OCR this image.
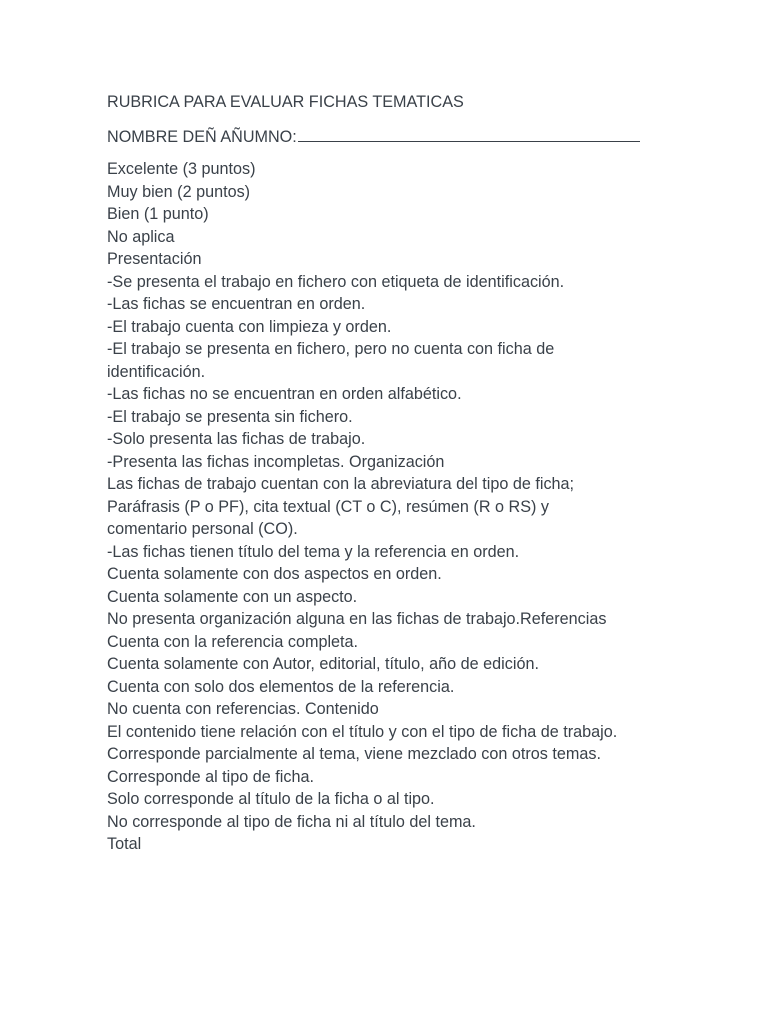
RUBRICA PARA EVALUAR FICHAS TEMATICAS
NOMBRE DEÑ AÑUMNO:
Excelente (3 puntos)
Muy bien (2 puntos)
Bien (1 punto)
No aplica
Presentación
-Se presenta el trabajo en fichero con etiqueta de identificación.
-Las fichas se encuentran en orden.
-El trabajo cuenta con limpieza y orden.
-El trabajo se presenta en fichero, pero no cuenta con ficha de
identificación.
-Las fichas no se encuentran en orden alfabético.
-El trabajo se presenta sin fichero.
-Solo presenta las fichas de trabajo.
-Presenta las fichas incompletas. Organización
Las fichas de trabajo cuentan con la abreviatura del tipo de ficha;
Paráfrasis (P o PF), cita textual (CT o C), resúmen (R o RS) y
comentario personal (CO).
-Las fichas tienen título del tema y la referencia en orden.
Cuenta solamente con dos aspectos en orden.
Cuenta solamente con un aspecto.
No presenta organización alguna en las fichas de trabajo.Referencias
Cuenta con la referencia completa.
Cuenta solamente con Autor, editorial, título, año de edición.
Cuenta con solo dos elementos de la referencia.
No cuenta con referencias. Contenido
El contenido tiene relación con el título y con el tipo de ficha de trabajo.
Corresponde parcialmente al tema, viene mezclado con otros temas.
Corresponde al tipo de ficha.
Solo corresponde al título de la ficha o al tipo.
No corresponde al tipo de ficha ni al título del tema.
Total
